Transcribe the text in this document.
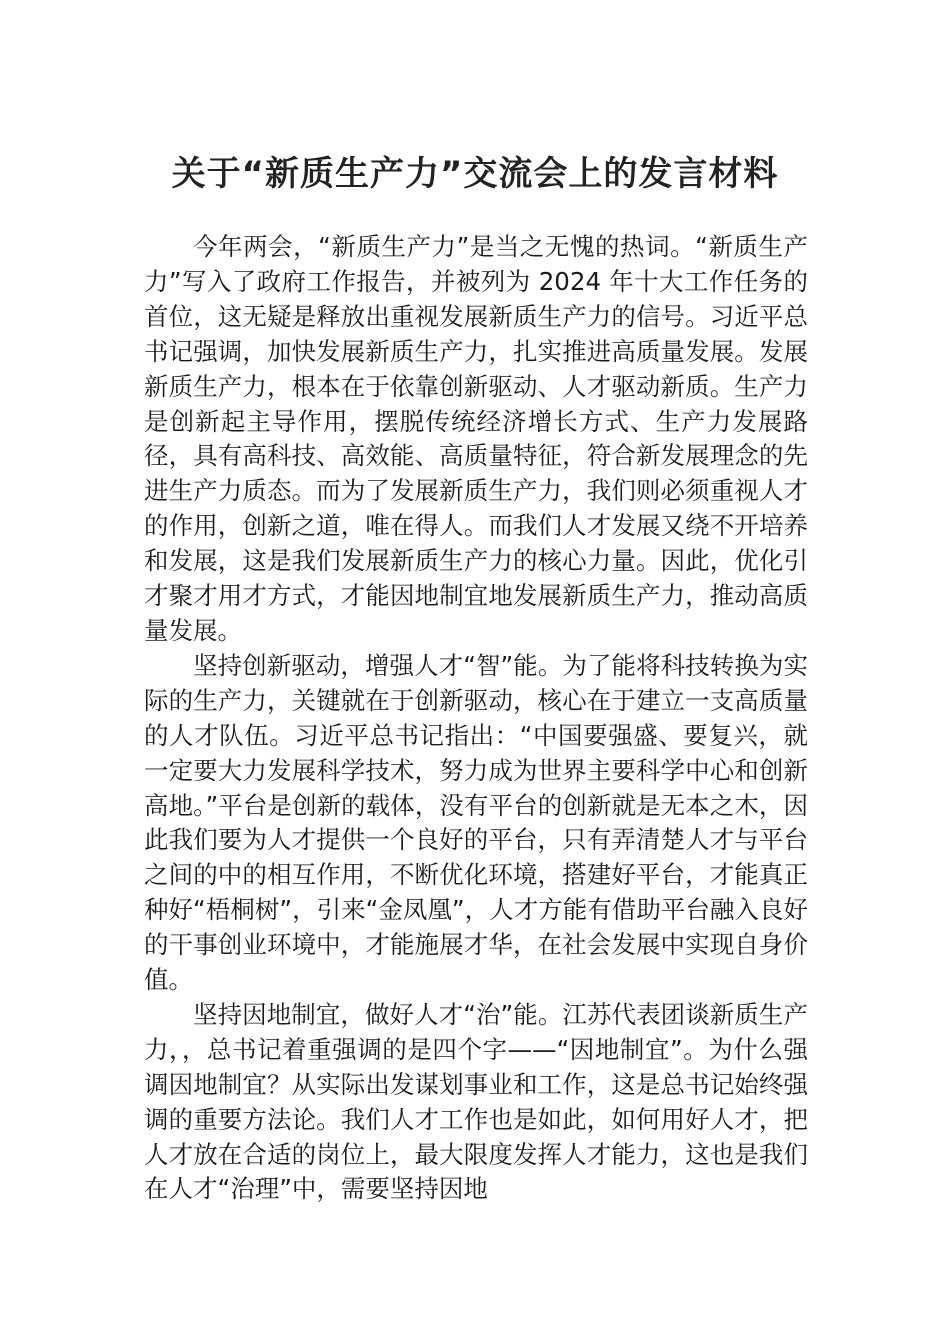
关于“新质生产力”交流会上的发言材料

今年两会，“新质生产力”是当之无愧的热词。“新质生产力”写入了政府工作报告，并被列为 2024 年十大工作任务的首位，这无疑是释放出重视发展新质生产力的信号。习近平总书记强调，加快发展新质生产力，扎实推进高质量发展。发展新质生产力，根本在于依靠创新驱动、人才驱动新质。生产力是创新起主导作用，摆脱传统经济增长方式、生产力发展路径，具有高科技、高效能、高质量特征，符合新发展理念的先进生产力质态。而为了发展新质生产力，我们则必须重视人才的作用，创新之道，唯在得人。而我们人才发展又绕不开培养和发展，这是我们发展新质生产力的核心力量。因此，优化引才聚才用才方式，才能因地制宜地发展新质生产力，推动高质量发展。

坚持创新驱动，增强人才“智”能。为了能将科技转换为实际的生产力，关键就在于创新驱动，核心在于建立一支高质量的人才队伍。习近平总书记指出：“中国要强盛、要复兴，就一定要大力发展科学技术，努力成为世界主要科学中心和创新高地。”平台是创新的载体，没有平台的创新就是无本之木，因此我们要为人才提供一个良好的平台，只有弄清楚人才与平台之间的中的相互作用，不断优化环境，搭建好平台，才能真正种好“梧桐树”，引来“金凤凰”，人才方能有借助平台融入良好的干事创业环境中，才能施展才华，在社会发展中实现自身价值。

坚持因地制宜，做好人才“治”能。江苏代表团谈新质生产力，，总书记着重强调的是四个字——“因地制宜”。为什么强调因地制宜？从实际出发谋划事业和工作，这是总书记始终强调的重要方法论。我们人才工作也是如此，如何用好人才，把人才放在合适的岗位上，最大限度发挥人才能力，这也是我们在人才“治理”中，需要坚持因地
